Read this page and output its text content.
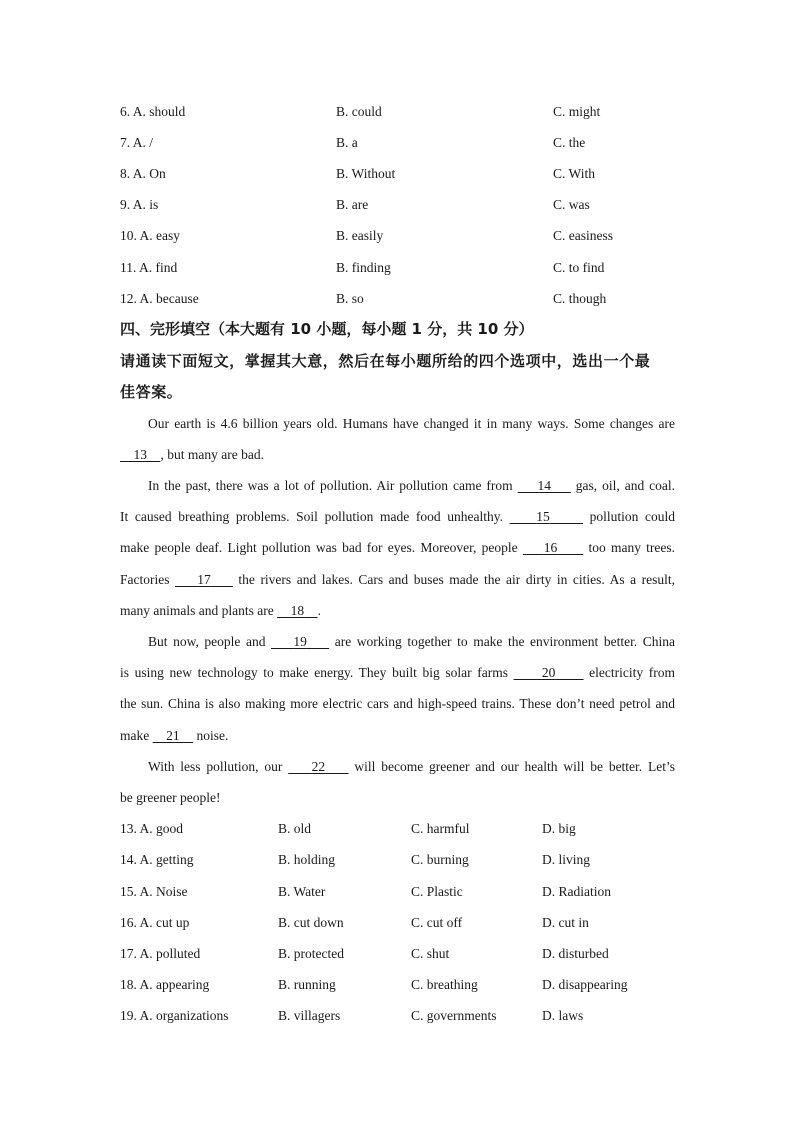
6. A. should	B. could	C. might
7. A. /	B. a	C. the
8. A. On	B. Without	C. With
9. A. is	B. are	C. was
10. A. easy	B. easily	C. easiness
11. A. find	B. finding	C. to find
12. A. because	B. so	C. though
四、完形填空（本大题有 10 小题，每小题 1 分，共 10 分）
请通读下面短文，掌握其大意，然后在每小题所给的四个选项中，选出一个最
佳答案。
Our earth is 4.6 billion years old. Humans have changed it in many ways. Some changes are
13 , but many are bad.
In the past, there was a lot of pollution. Air pollution came from 14 gas, oil, and coal.
It caused breathing problems. Soil pollution made food unhealthy. 15	pollution could
make people deaf. Light pollution was bad for eyes. Moreover, people 16 too many trees.
Factories 17 the rivers and lakes. Cars and buses made the air dirty in cities. As a result,
many animals and plants are 18 .
But now, people and 19 are working together to make the environment better. China
is using new technology to make energy. They built big solar farms	20	electricity from
the sun. China is also making more electric cars and high-speed trains. These don’t need petrol and
make 21 noise.
With less pollution, our 22 will become greener and our health will be better. Let’s
be greener people!
13. A. good	B. old	C. harmful	D. big
14. A. getting	B. holding	C. burning	D. living
15. A. Noise	B. Water	C. Plastic	D. Radiation
16. A. cut up	B. cut down	C. cut off	D. cut in
17. A. polluted	B. protected	C. shut	D. disturbed
18. A. appearing	B. running	C. breathing	D. disappearing
19. A. organizations	B. villagers	C. governments	D. laws
